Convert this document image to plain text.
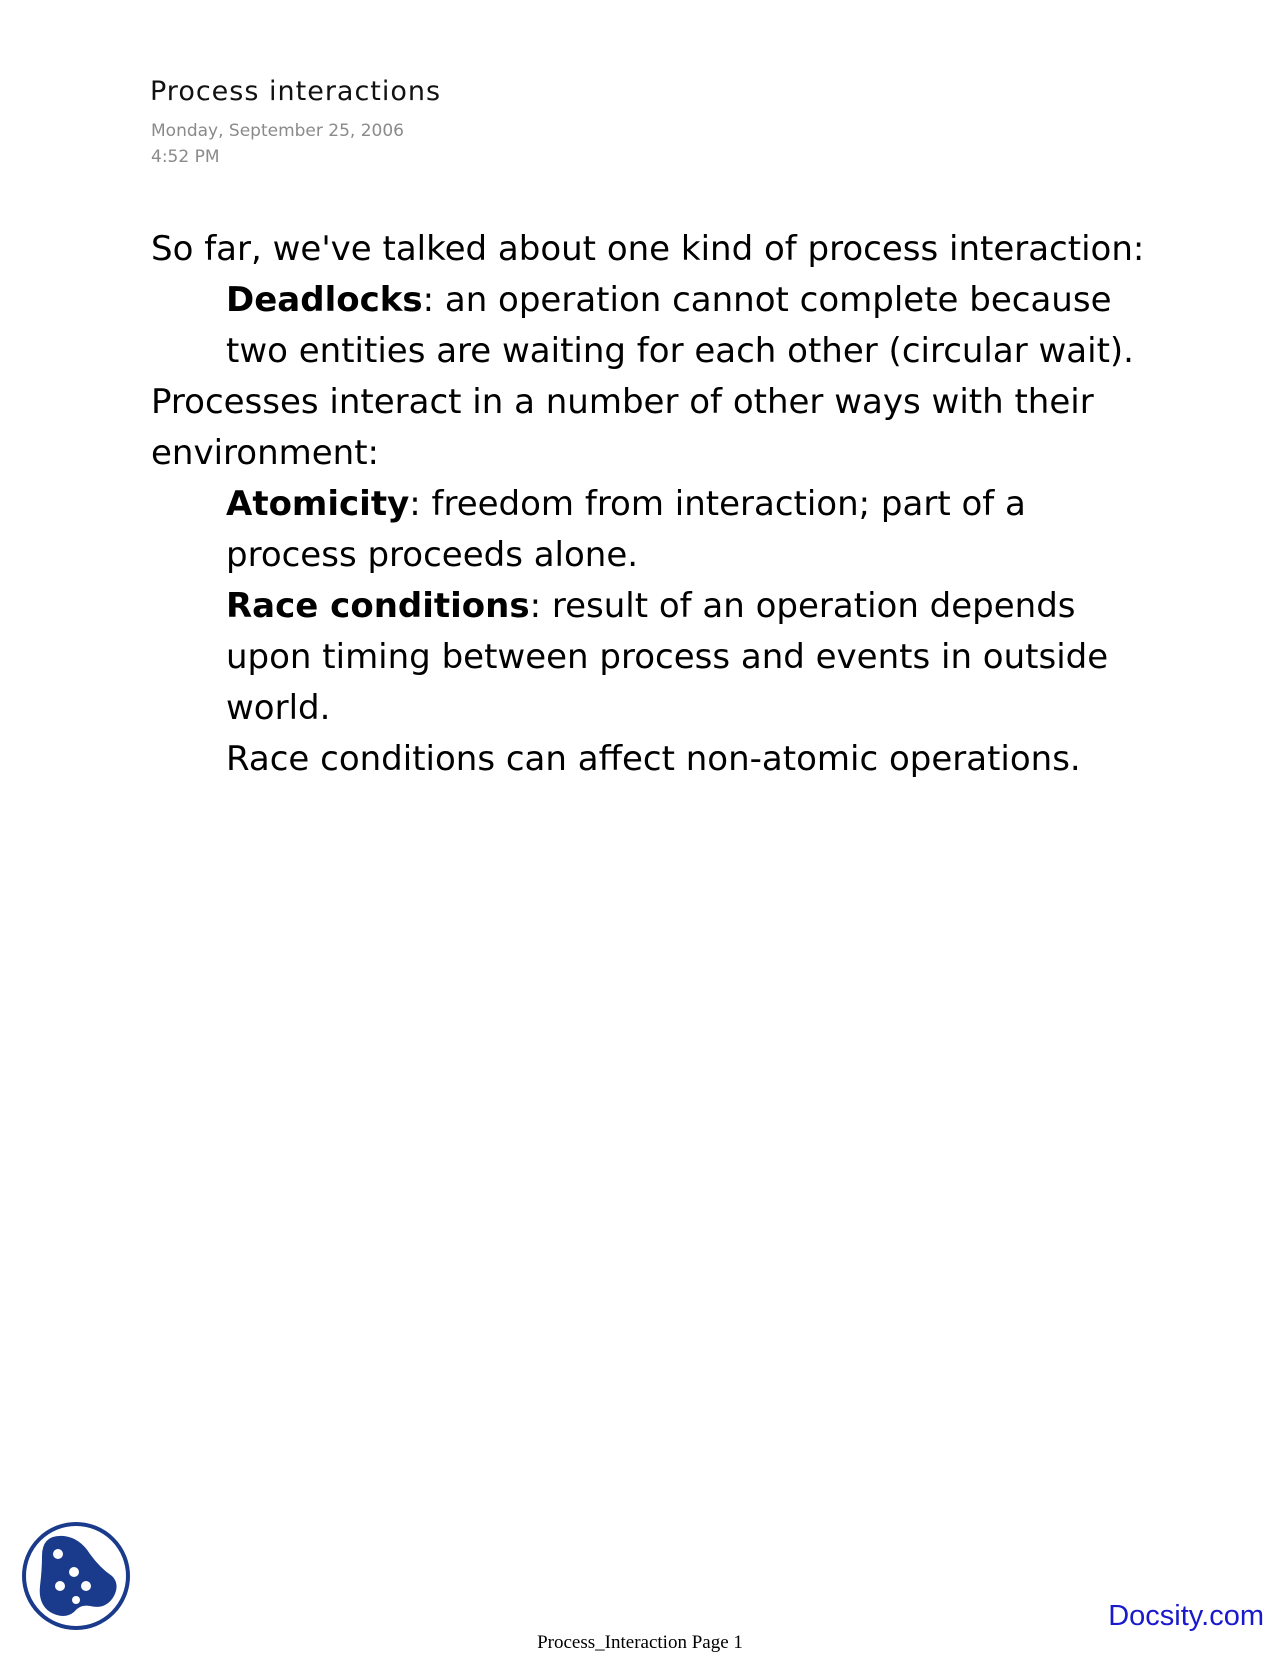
Process interactions
Monday, September 25, 2006
4:52 PM

So far, we've talked about one kind of process interaction:

Deadlocks: an operation cannot complete because two entities are waiting for each other (circular wait).

Processes interact in a number of other ways with their environment:

Atomicity: freedom from interaction; part of a process proceeds alone.

Race conditions: result of an operation depends upon timing between process and events in outside world.

Race conditions can affect non-atomic operations.

Docsity.com
Process_Interaction Page 1
